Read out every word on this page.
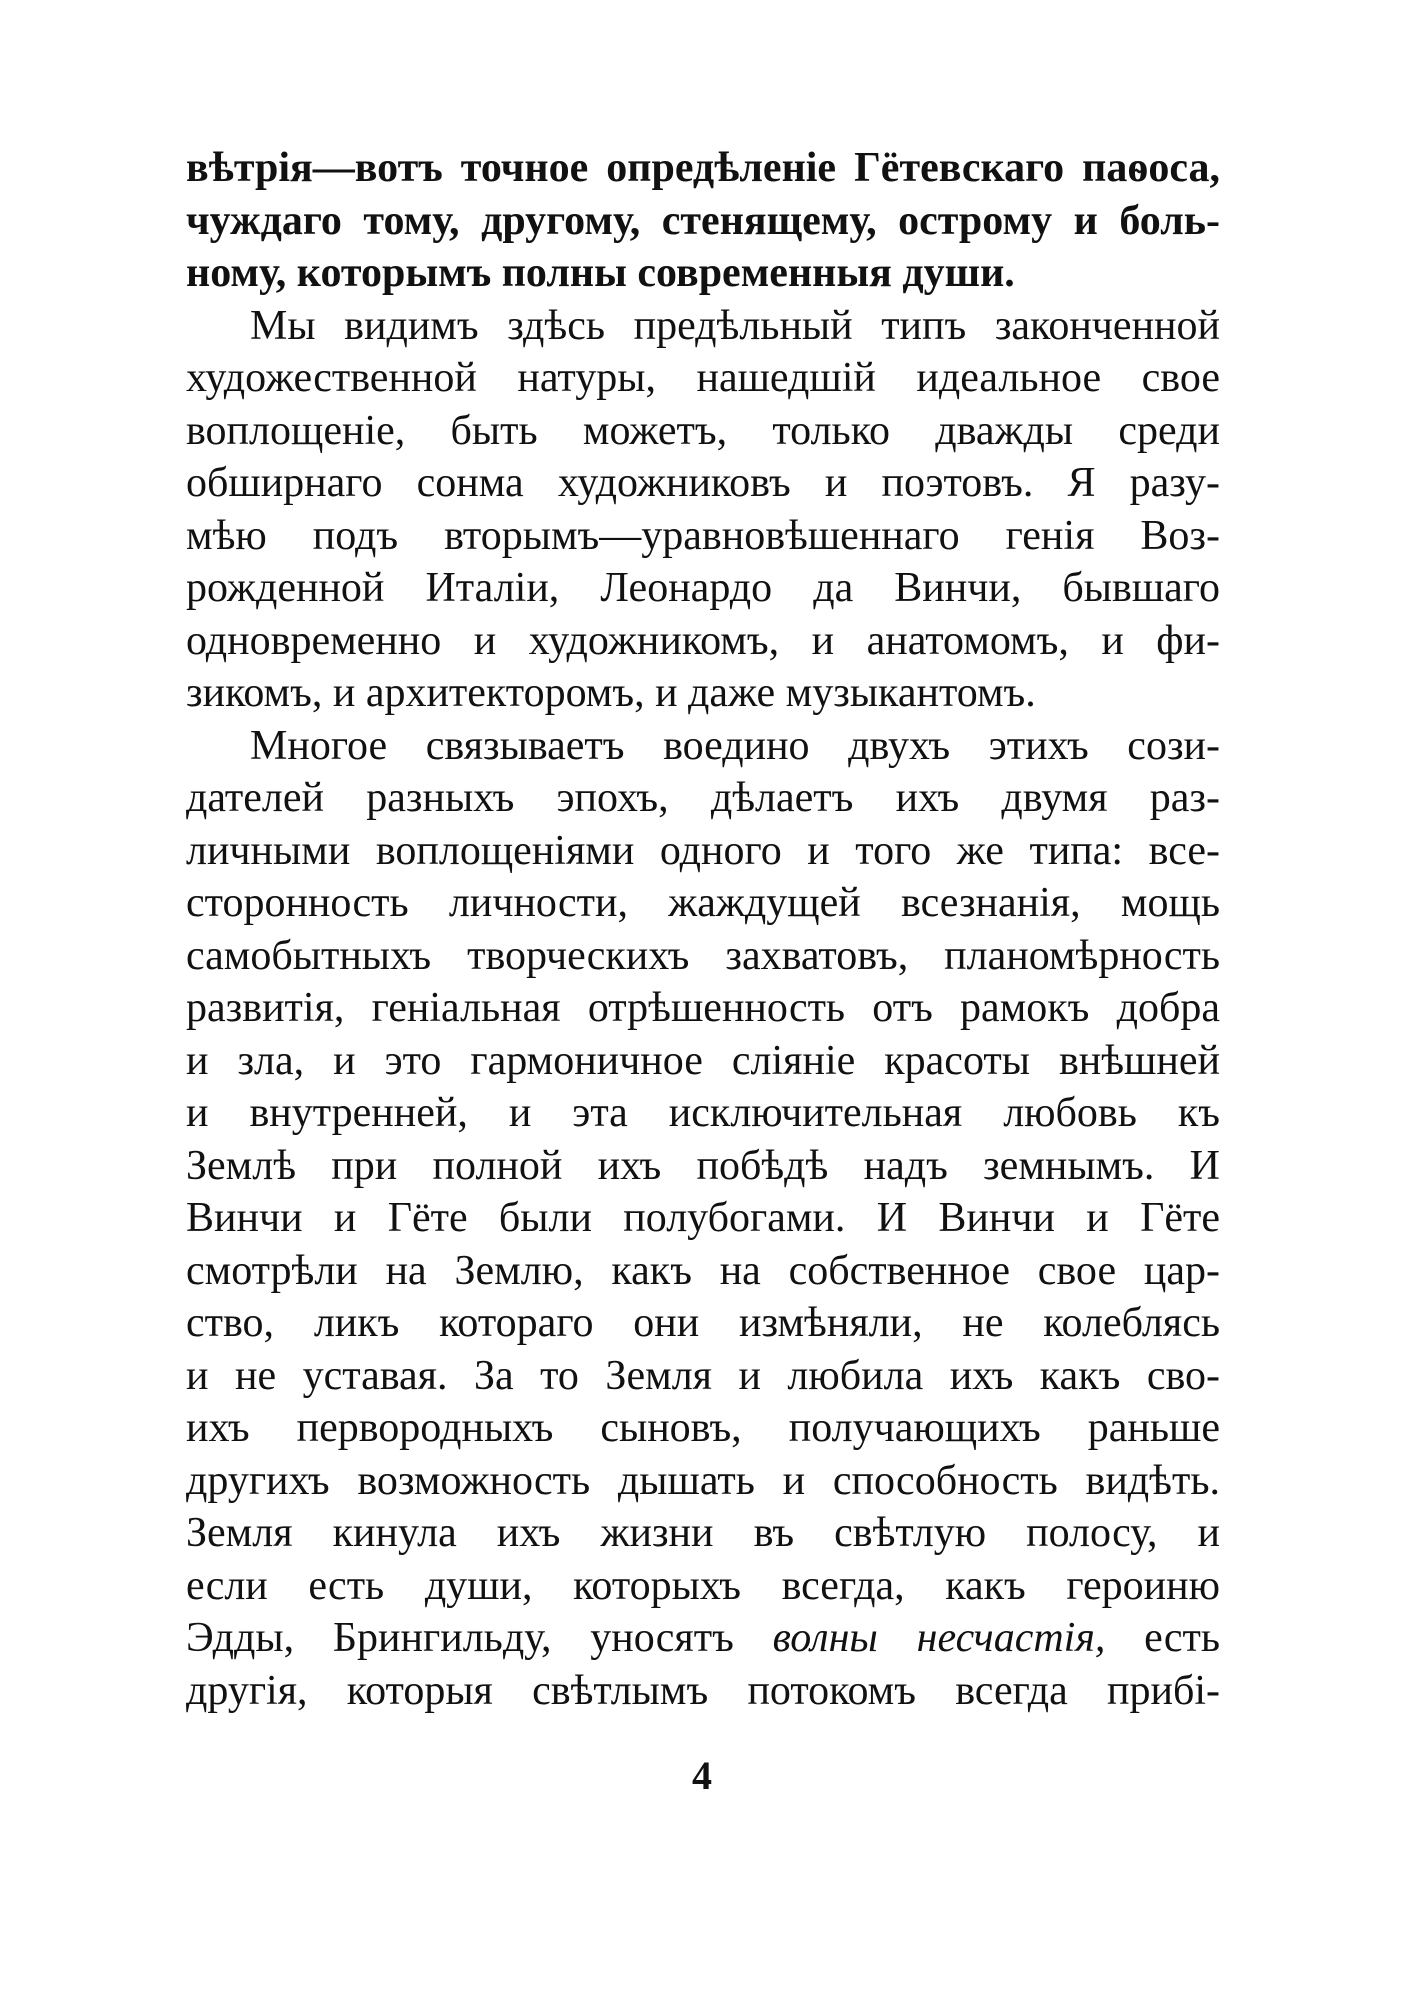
вѣтрія—вотъ точное опредѣленіе Гётевскаго паѳоса,
чуждаго тому, другому, стенящему, острому и боль-
ному, которымъ полны современныя души.
Мы видимъ здѣсь предѣльный типъ законченной
художественной натуры, нашедшій идеальное свое
воплощеніе, быть можетъ, только дважды среди
обширнаго сонма художниковъ и поэтовъ. Я разу-
мѣю подъ вторымъ—уравновѣшеннаго генія Воз-
рожденной Италіи, Леонардо да Винчи, бывшаго
одновременно и художникомъ, и анатомомъ, и фи-
зикомъ, и архитекторомъ, и даже музыкантомъ.
Многое связываетъ воедино двухъ этихъ сози-
дателей разныхъ эпохъ, дѣлаетъ ихъ двумя раз-
личными воплощеніями одного и того же типа: все-
сторонность личности, жаждущей всезнанія, мощь
самобытныхъ творческихъ захватовъ, планомѣрность
развитія, геніальная отрѣшенность отъ рамокъ добра
и зла, и это гармоничное сліяніе красоты внѣшней
и внутренней, и эта исключительная любовь къ
Землѣ при полной ихъ побѣдѣ надъ земнымъ. И
Винчи и Гёте были полубогами. И Винчи и Гёте
смотрѣли на Землю, какъ на собственное свое цар-
ство, ликъ котораго они измѣняли, не колеблясь
и не уставая. За то Земля и любила ихъ какъ сво-
ихъ первородныхъ сыновъ, получающихъ раньше
другихъ возможность дышать и способность видѣть.
Земля кинула ихъ жизни въ свѣтлую полосу, и
если есть души, которыхъ всегда, какъ героиню
Эдды, Брингильду, уносятъ волны несчастія, есть
другія, которыя свѣтлымъ потокомъ всегда прибі-
4
